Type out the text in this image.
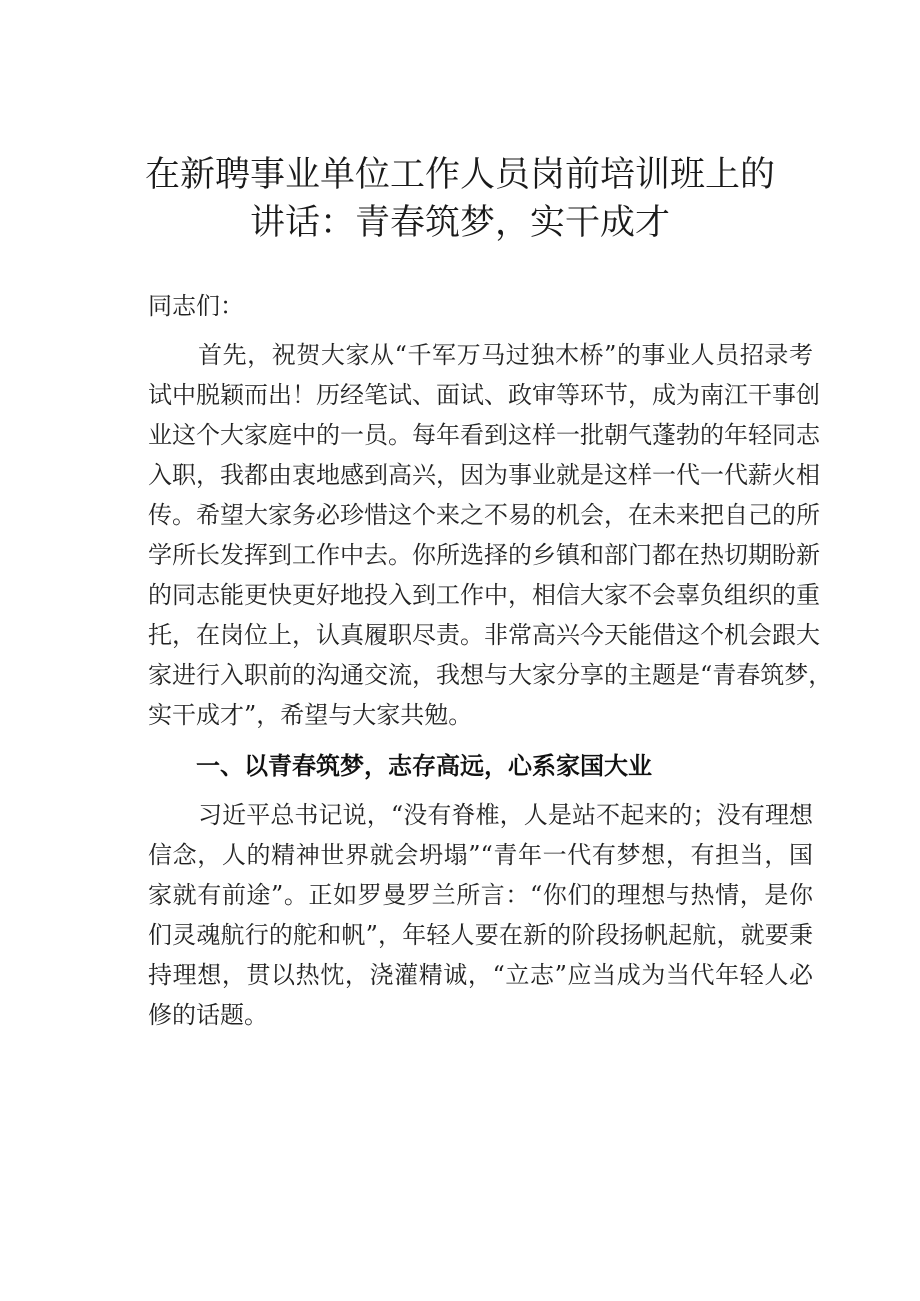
在新聘事业单位工作人员岗前培训班上的
讲话：青春筑梦，实干成才
同志们：
首先，祝贺大家从“千军万马过独木桥”的事业人员招录考
试中脱颖而出！历经笔试、面试、政审等环节，成为南江干事创
业这个大家庭中的一员。每年看到这样一批朝气蓬勃的年轻同志
入职，我都由衷地感到高兴，因为事业就是这样一代一代薪火相
传。希望大家务必珍惜这个来之不易的机会，在未来把自己的所
学所长发挥到工作中去。你所选择的乡镇和部门都在热切期盼新
的同志能更快更好地投入到工作中，相信大家不会辜负组织的重
托，在岗位上，认真履职尽责。非常高兴今天能借这个机会跟大
家进行入职前的沟通交流，我想与大家分享的主题是“青春筑梦，
实干成才”，希望与大家共勉。
一、以青春筑梦，志存高远，心系家国大业
习近平总书记说，“没有脊椎，人是站不起来的；没有理想
信念，人的精神世界就会坍塌”“青年一代有梦想，有担当，国
家就有前途”。正如罗曼罗兰所言：“你们的理想与热情，是你
们灵魂航行的舵和帆”，年轻人要在新的阶段扬帆起航，就要秉
持理想，贯以热忱，浇灌精诚，“立志”应当成为当代年轻人必
修的话题。
